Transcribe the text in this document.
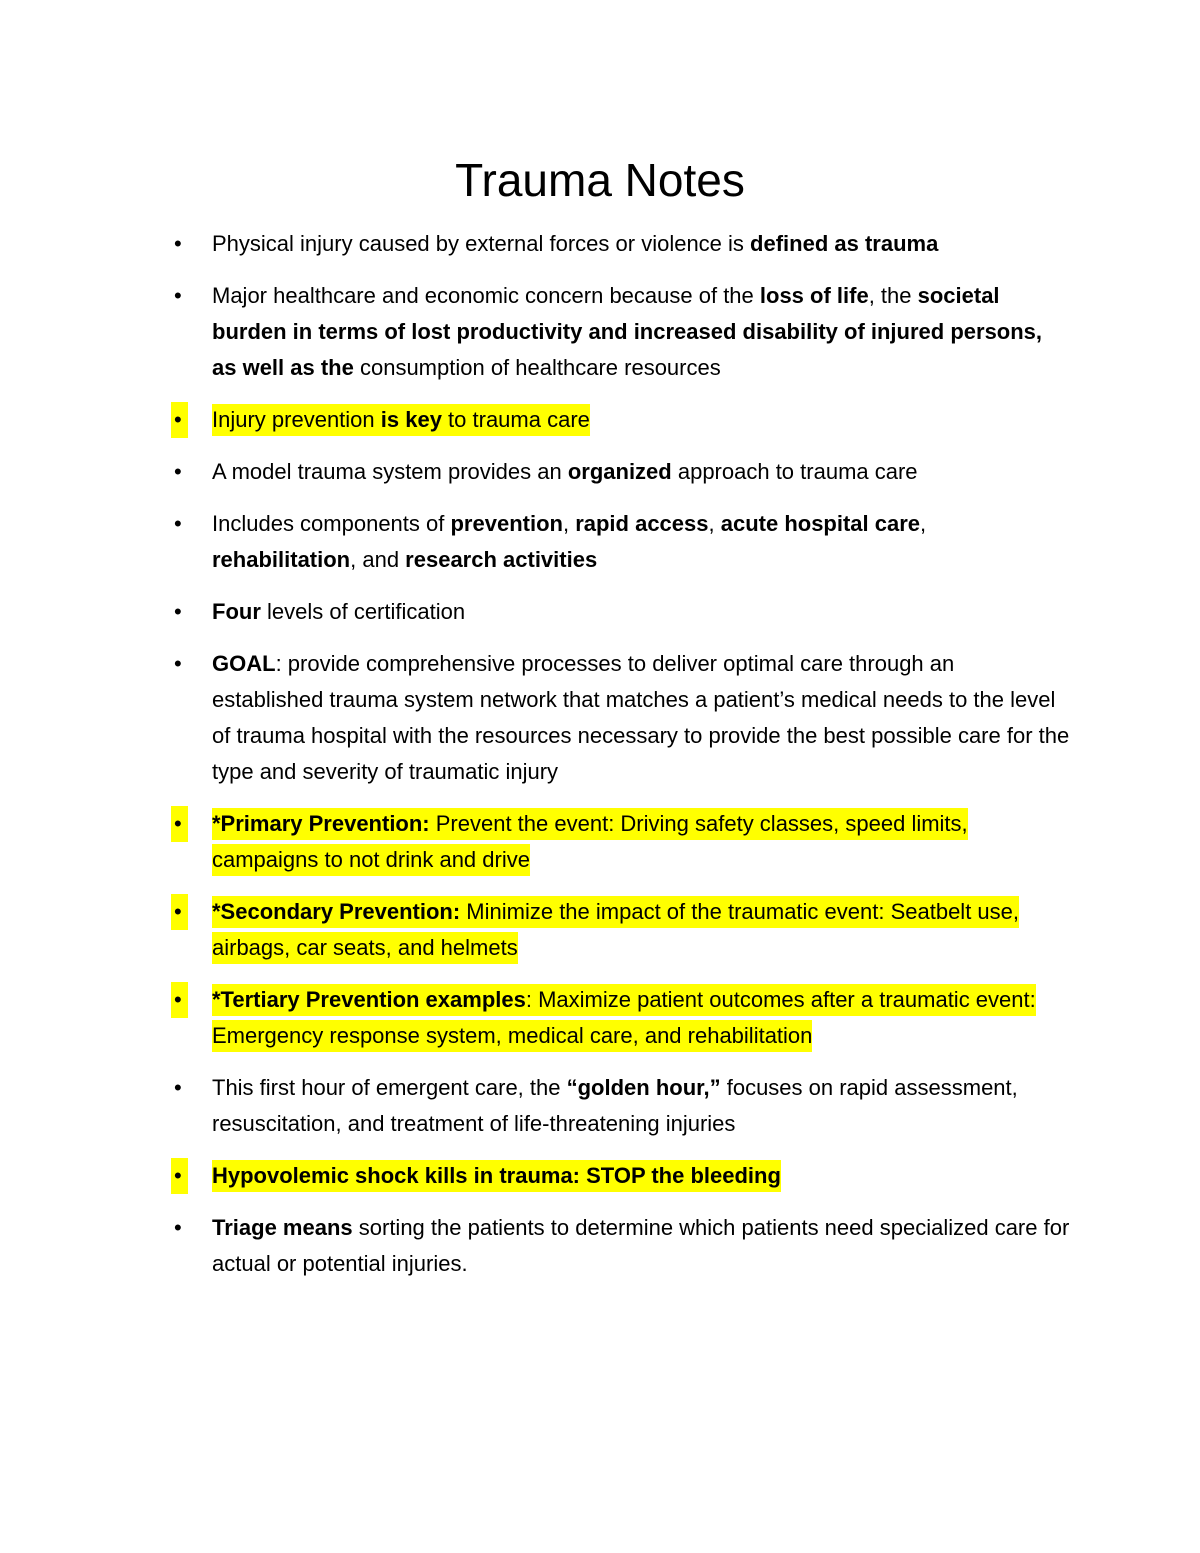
Trauma Notes
• Physical injury caused by external forces or violence is defined as trauma
• Major healthcare and economic concern because of the loss of life, the societal burden in terms of lost productivity and increased disability of injured persons, as well as the consumption of healthcare resources
• Injury prevention is key to trauma care
• A model trauma system provides an organized approach to trauma care
• Includes components of prevention, rapid access, acute hospital care, rehabilitation, and research activities
• Four levels of certification
• GOAL: provide comprehensive processes to deliver optimal care through an established trauma system network that matches a patient’s medical needs to the level of trauma hospital with the resources necessary to provide the best possible care for the type and severity of traumatic injury
• *Primary Prevention: Prevent the event: Driving safety classes, speed limits, campaigns to not drink and drive
• *Secondary Prevention: Minimize the impact of the traumatic event: Seatbelt use, airbags, car seats, and helmets
• *Tertiary Prevention examples: Maximize patient outcomes after a traumatic event: Emergency response system, medical care, and rehabilitation
• This first hour of emergent care, the “golden hour,” focuses on rapid assessment, resuscitation, and treatment of life-threatening injuries
• Hypovolemic shock kills in trauma: STOP the bleeding
• Triage means sorting the patients to determine which patients need specialized care for actual or potential injuries.
